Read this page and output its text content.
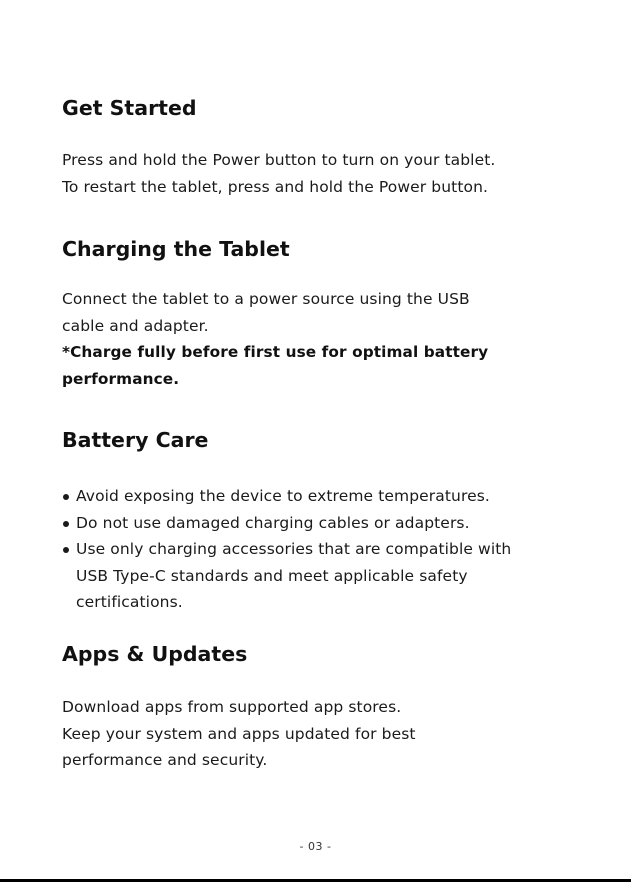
Get Started

Press and hold the Power button to turn on your tablet.
To restart the tablet, press and hold the Power button.

Charging the Tablet

Connect the tablet to a power source using the USB
cable and adapter.
*Charge fully before first use for optimal battery
performance.

Battery Care
Avoid exposing the device to extreme temperatures.
Do not use damaged charging cables or adapters.
Use only charging accessories that are compatible with
USB Type-C standards and meet applicable safety
certifications.
Apps & Updates

Download apps from supported app stores.
Keep your system and apps updated for best
performance and security.

- 03 -
